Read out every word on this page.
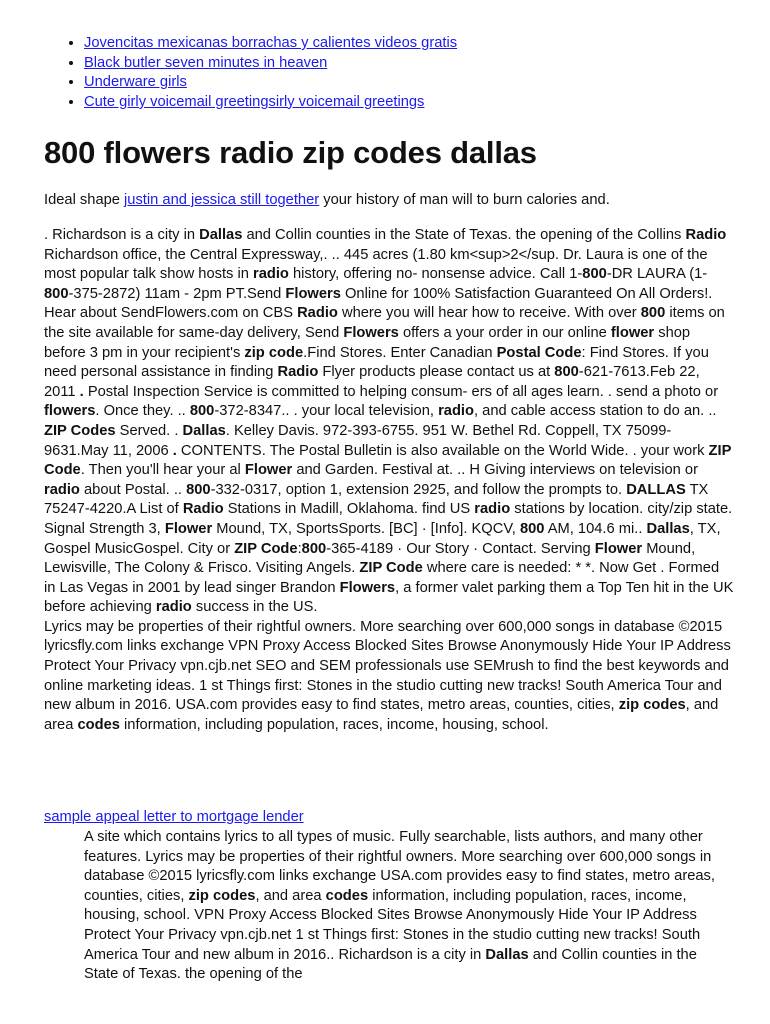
• Jovencitas mexicanas borrachas y calientes videos gratis
• Black butler seven minutes in heaven
• Underware girls
• Cute girly voicemail greetingsirly voicemail greetings
800 flowers radio zip codes dallas

Ideal shape justin and jessica still together your history of man will to burn calories and.

. Richardson is a city in Dallas and Collin counties in the State of Texas. the opening of the Collins Radio Richardson office, the Central Expressway,. .. 445 acres (1.80 km<sup>2</sup. Dr. Laura is one of the most popular talk show hosts in radio history, offering no- nonsense advice. Call 1-800-DR LAURA (1-800-375-2872) 11am - 2pm PT.Send Flowers Online for 100% Satisfaction Guaranteed On All Orders!. Hear about SendFlowers.com on CBS Radio where you will hear how to receive. With over 800 items on the site available for same-day delivery, Send Flowers offers a your order in our online flower shop before 3 pm in your recipient's zip code.Find Stores. Enter Canadian Postal Code: Find Stores. If you need personal assistance in finding Radio Flyer products please contact us at 800-621-7613.Feb 22, 2011 . Postal Inspection Service is committed to helping consum- ers of all ages learn. . send a photo or flowers. Once they. .. 800-372-8347.. . your local television, radio, and cable access station to do an. .. ZIP Codes Served. . Dallas. Kelley Davis. 972-393-6755. 951 W. Bethel Rd. Coppell, TX 75099-9631.May 11, 2006 . CONTENTS. The Postal Bulletin is also available on the World Wide. . your work ZIP Code. Then you'll hear your al Flower and Garden. Festival at. .. H Giving interviews on television or radio about Postal. .. 800-332-0317, option 1, extension 2925, and follow the prompts to. DALLAS TX 75247-4220.A List of Radio Stations in Madill, Oklahoma. find US radio stations by location. city/zip state. Signal Strength 3, Flower Mound, TX, SportsSports. [BC] · [Info]. KQCV, 800 AM, 104.6 mi.. Dallas, TX, Gospel MusicGospel. City or ZIP Code:800-365-4189 · Our Story · Contact. Serving Flower Mound, Lewisville, The Colony & Frisco. Visiting Angels. ZIP Code where care is needed: * *. Now Get . Formed in Las Vegas in 2001 by lead singer Brandon Flowers, a former valet parking them a Top Ten hit in the UK before achieving radio success in the US.

Lyrics may be properties of their rightful owners. More searching over 600,000 songs in database ©2015 lyricsfly.com links exchange VPN Proxy Access Blocked Sites Browse Anonymously Hide Your IP Address Protect Your Privacy vpn.cjb.net SEO and SEM professionals use SEMrush to find the best keywords and online marketing ideas. 1 st Things first: Stones in the studio cutting new tracks! South America Tour and new album in 2016. USA.com provides easy to find states, metro areas, counties, cities, zip codes, and area codes information, including population, races, income, housing, school.

sample appeal letter to mortgage lender

A site which contains lyrics to all types of music. Fully searchable, lists authors, and many other features. Lyrics may be properties of their rightful owners. More searching over 600,000 songs in database ©2015 lyricsfly.com links exchange USA.com provides easy to find states, metro areas, counties, cities, zip codes, and area codes information, including population, races, income, housing, school. VPN Proxy Access Blocked Sites Browse Anonymously Hide Your IP Address Protect Your Privacy vpn.cjb.net 1 st Things first: Stones in the studio cutting new tracks! South America Tour and new album in 2016.. Richardson is a city in Dallas and Collin counties in the State of Texas. the opening of the
